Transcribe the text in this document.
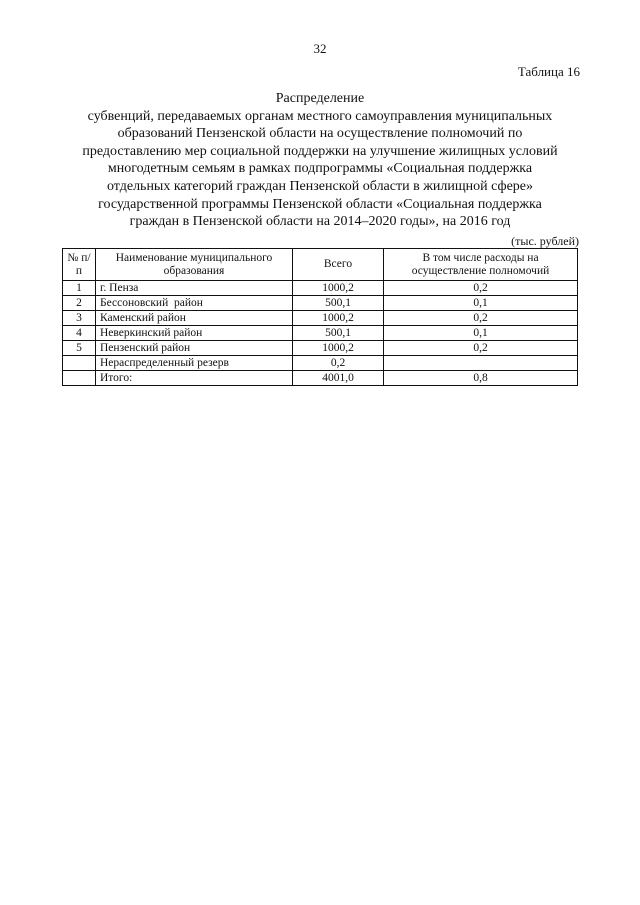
32
Таблица 16
Распределение
субвенций, передаваемых органам местного самоуправления муниципальных образований Пензенской области на осуществление полномочий по предоставлению мер социальной поддержки на улучшение жилищных условий многодетным семьям в рамках подпрограммы «Социальная поддержка отдельных категорий граждан Пензенской области в жилищной сфере» государственной программы Пензенской области «Социальная поддержка граждан в Пензенской области на 2014–2020 годы», на 2016 год
(тыс. рублей)
№ п/п	Наименование муниципального образования	Всего	В том числе расходы на осуществление полномочий
1	г. Пенза	1000,2	0,2
2	Бессоновский  район	500,1	0,1
3	Каменский район	1000,2	0,2
4	Неверкинский район	500,1	0,1
5	Пензенский район	1000,2	0,2
	Нераспределенный резерв	0,2	
	Итого:	4001,0	0,8
